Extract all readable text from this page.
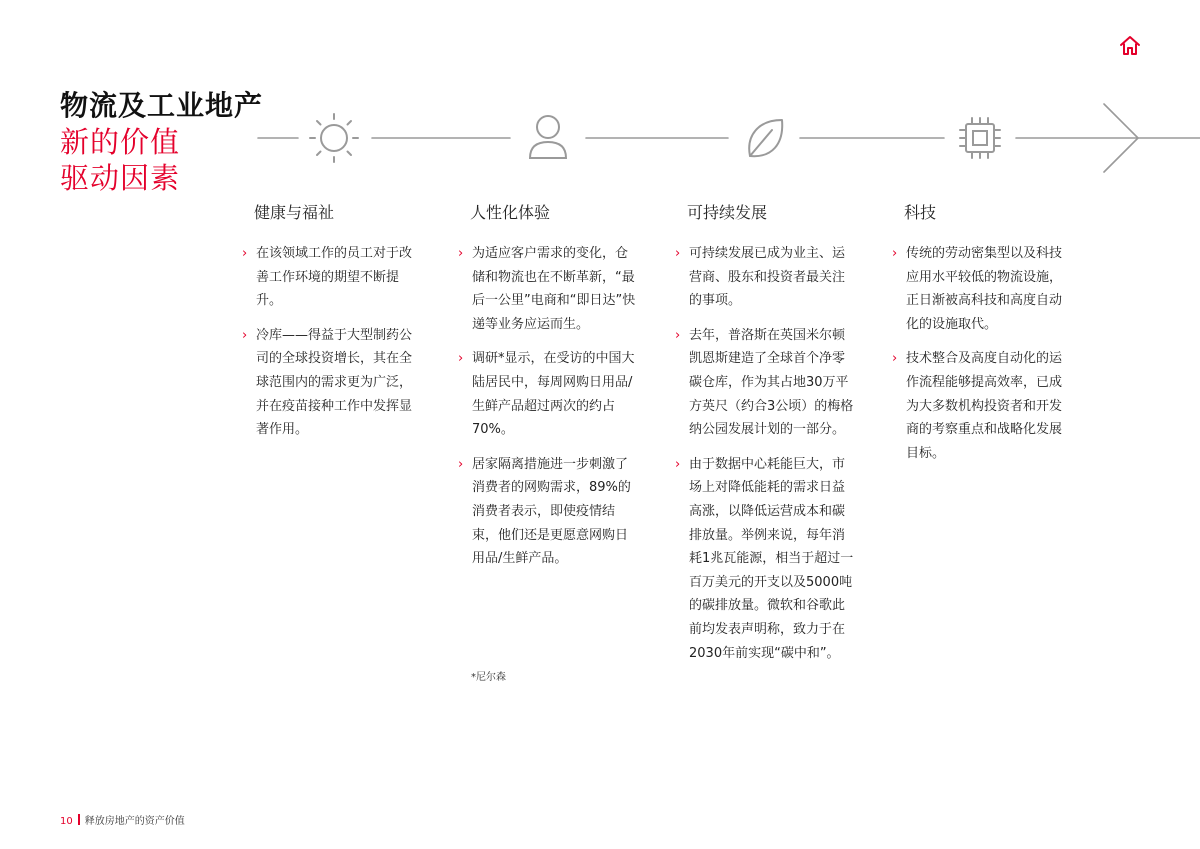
物流及工业地产
新的价值
驱动因素
健康与福祉
› 在该领域工作的员工对于改善工作环境的期望不断提升。
› 冷库——得益于大型制药公司的全球投资增长，其在全球范围内的需求更为广泛，并在疫苗接种工作中发挥显著作用。
人性化体验
› 为适应客户需求的变化，仓储和物流也在不断革新，“最后一公里”电商和“即日达”快递等业务应运而生。
› 调研*显示，在受访的中国大陆居民中，每周网购日用品/生鲜产品超过两次的约占70%。
› 居家隔离措施进一步刺激了消费者的网购需求，89%的消费者表示，即使疫情结束，他们还是更愿意网购日用品/生鲜产品。
可持续发展
› 可持续发展已成为业主、运营商、股东和投资者最关注的事项。
› 去年，普洛斯在英国米尔顿凯恩斯建造了全球首个净零碳仓库，作为其占地30万平方英尺（约合3公顷）的梅格纳公园发展计划的一部分。
› 由于数据中心耗能巨大，市场上对降低能耗的需求日益高涨，以降低运营成本和碳排放量。举例来说，每年消耗1兆瓦能源，相当于超过一百万美元的开支以及5000吨的碳排放量。微软和谷歌此前均发表声明称，致力于在2030年前实现“碳中和”。
科技
› 传统的劳动密集型以及科技应用水平较低的物流设施，正日渐被高科技和高度自动化的设施取代。
› 技术整合及高度自动化的运作流程能够提高效率，已成为大多数机构投资者和开发商的考察重点和战略化发展目标。
*尼尔森
10 释放房地产的资产价值
